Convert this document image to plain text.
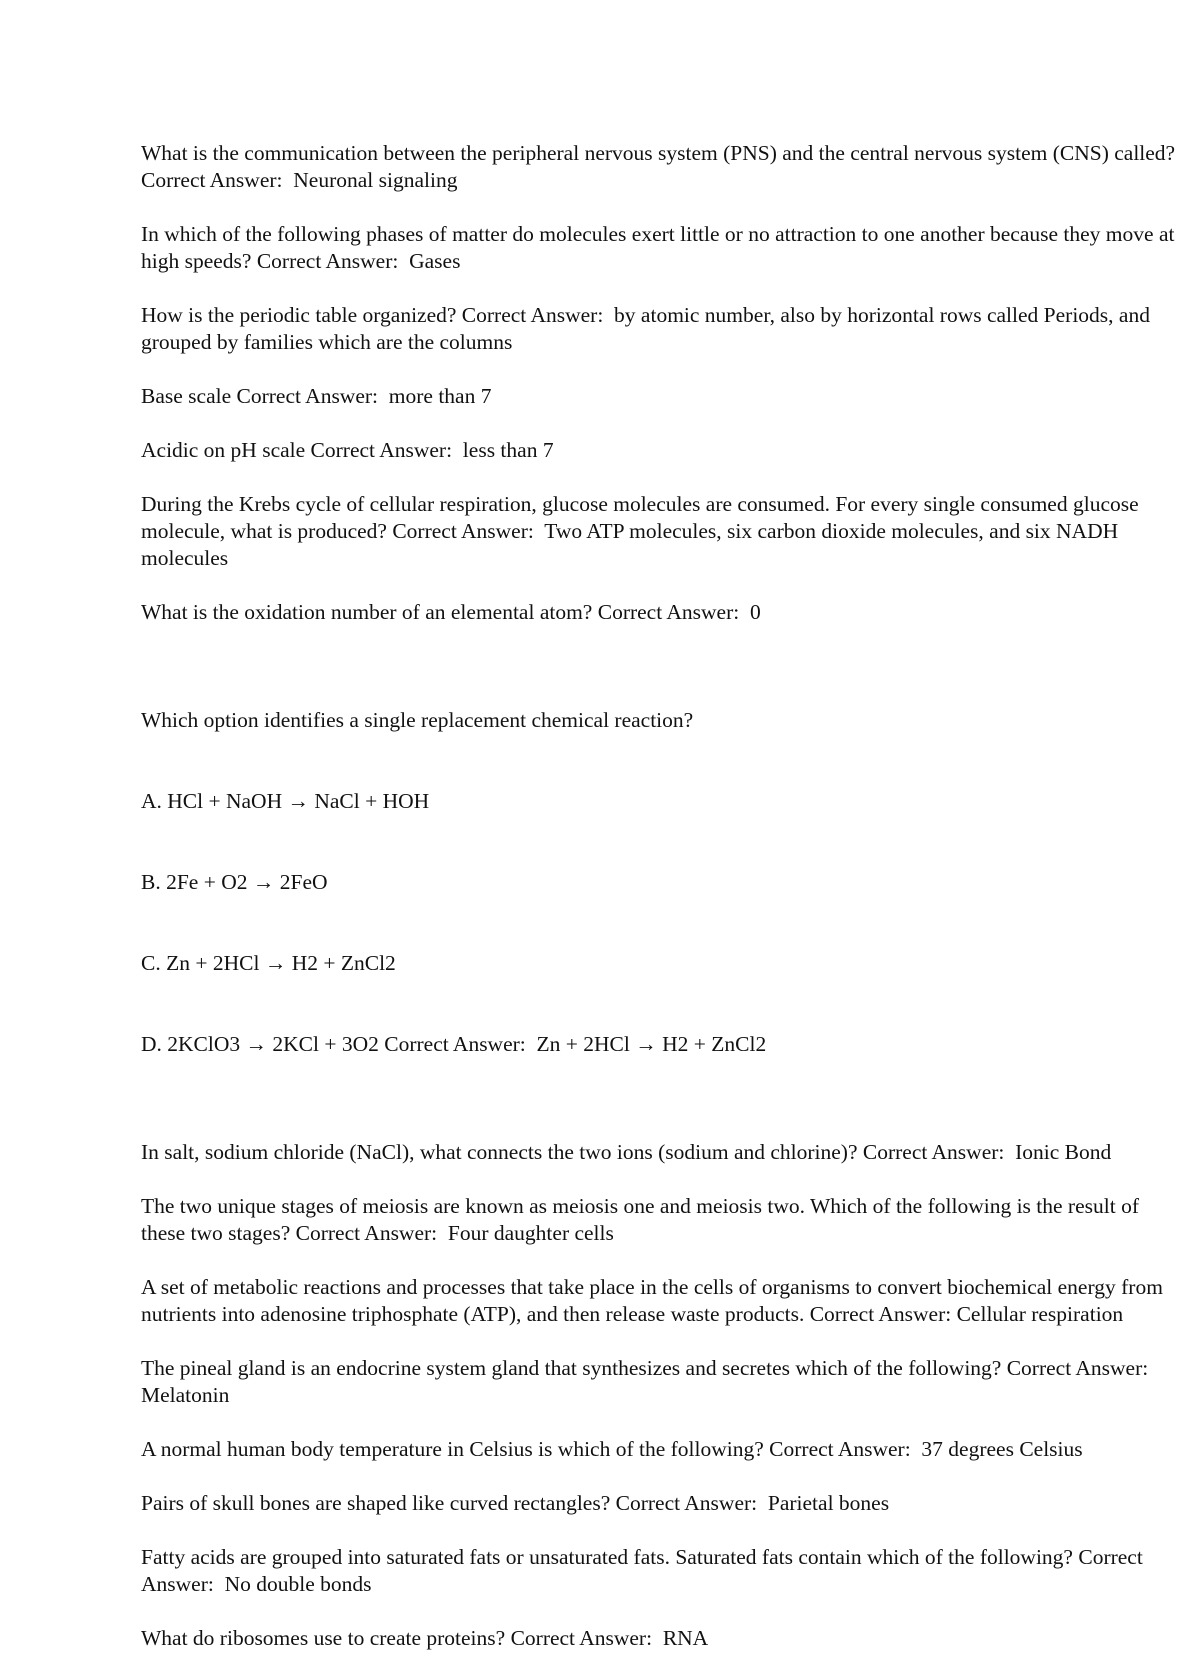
What is the communication between the peripheral nervous system (PNS) and the central nervous system (CNS) called? Correct Answer:  Neuronal signaling

In which of the following phases of matter do molecules exert little or no attraction to one another because they move at high speeds? Correct Answer:  Gases

How is the periodic table organized? Correct Answer:  by atomic number, also by horizontal rows called Periods, and grouped by families which are the columns

Base scale Correct Answer:  more than 7

Acidic on pH scale Correct Answer:  less than 7

During the Krebs cycle of cellular respiration, glucose molecules are consumed. For every single consumed glucose molecule, what is produced? Correct Answer:  Two ATP molecules, six carbon dioxide molecules, and six NADH molecules

What is the oxidation number of an elemental atom? Correct Answer:  0

Which option identifies a single replacement chemical reaction?

A. HCl + NaOH → NaCl + HOH

B. 2Fe + O2 → 2FeO

C. Zn + 2HCl → H2 + ZnCl2

D. 2KClO3 → 2KCl + 3O2 Correct Answer:  Zn + 2HCl → H2 + ZnCl2

In salt, sodium chloride (NaCl), what connects the two ions (sodium and chlorine)? Correct Answer:  Ionic Bond

The two unique stages of meiosis are known as meiosis one and meiosis two. Which of the following is the result of these two stages? Correct Answer:  Four daughter cells

A set of metabolic reactions and processes that take place in the cells of organisms to convert biochemical energy from nutrients into adenosine triphosphate (ATP), and then release waste products. Correct Answer: Cellular respiration

The pineal gland is an endocrine system gland that synthesizes and secretes which of the following? Correct Answer:  Melatonin

A normal human body temperature in Celsius is which of the following? Correct Answer:  37 degrees Celsius

Pairs of skull bones are shaped like curved rectangles? Correct Answer:  Parietal bones

Fatty acids are grouped into saturated fats or unsaturated fats. Saturated fats contain which of the following? Correct Answer:  No double bonds

What do ribosomes use to create proteins? Correct Answer:  RNA
